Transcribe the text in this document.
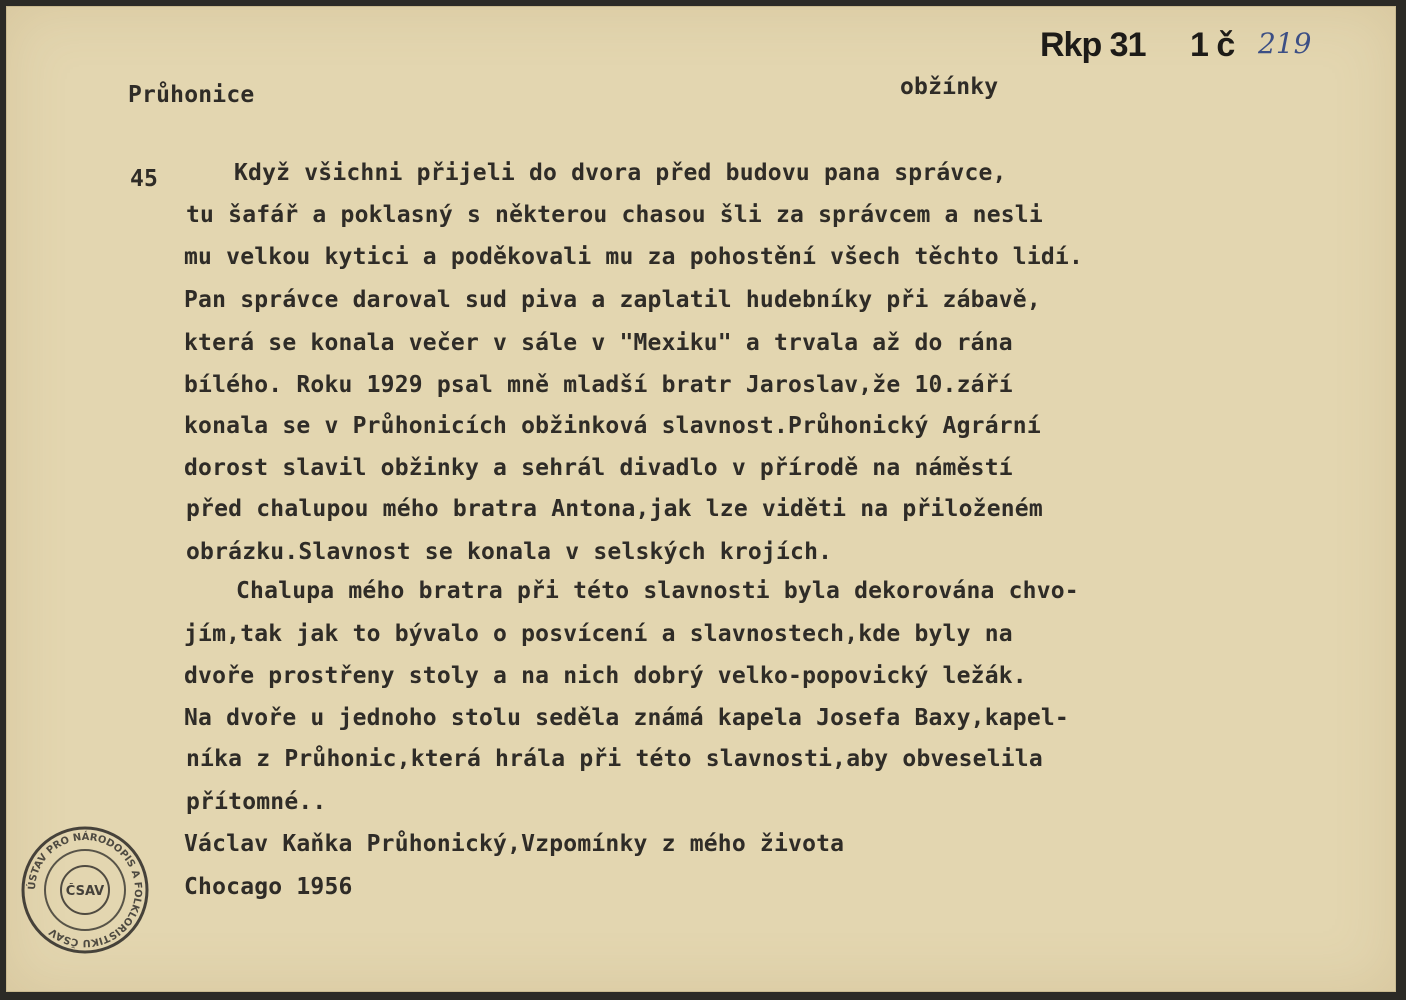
Rkp 31 1 č 219
Průhonice	obžínky
45	Když všichni přijeli do dvora před budovu pana správce,
tu šafář a poklasný s některou chasou šli za správcem a nesli
mu velkou kytici a poděkovali mu za pohostění všech těchto lidí.
Pan správce daroval sud piva a zaplatil hudebníky při zábavě,
která se konala večer v sále v "Mexiku" a trvala až do rána
bílého. Roku 1929 psal mně mladší bratr Jaroslav,že 10.září
konala se v Průhonicích obžinková slavnost.Průhonický Agrární
dorost slavil obžinky a sehrál divadlo v přírodě na náměstí
před chalupou mého bratra Antona,jak lze viděti na přiloženém
obrázku.Slavnost se konala v selských krojích.
Chalupa mého bratra při této slavnosti byla dekorována chvo-
jím,tak jak to bývalo o posvícení a slavnostech,kde byly na
dvoře prostřeny stoly a na nich dobrý velko-popovický ležák.
Na dvoře u jednoho stolu seděla známá kapela Josefa Baxy,kapel-
níka z Průhonic,která hrála při této slavnosti,aby obveselila
přítomné..
Václav Kaňka Průhonický,Vzpomínky z mého života
Chocago 1956
ÚSTAV PRO NÁRODOPIS A FOLKLORISTIKU ČSAV
ČSAV
